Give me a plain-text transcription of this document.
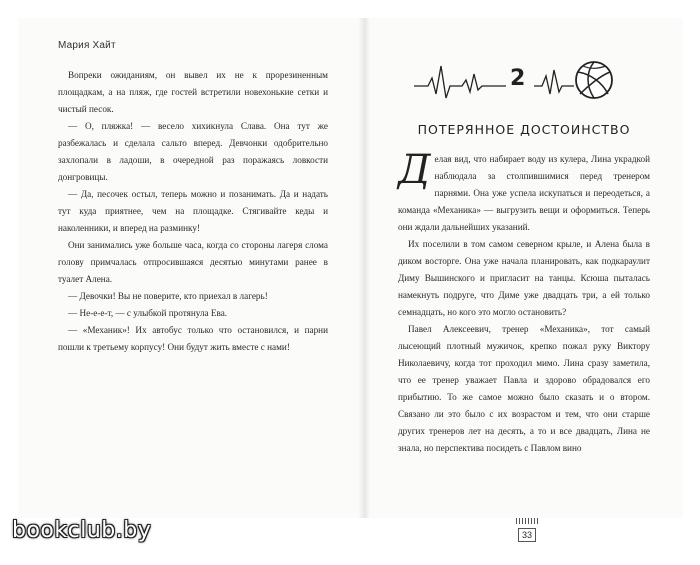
Мария Хайт

Вопреки ожиданиям, он вывел их не к прорезиненным площадкам, а на пляж, где гостей встретили новехонькие сетки и чистый песок.

— О, пляжка! — весело хихикнула Слава. Она тут же разбежалась и сделала сальто вперед. Девчонки одобрительно захлопали в ладоши, в очередной раз поражаясь ловкости донгровицы.

— Да, песочек остыл, теперь можно и позанимать. Да и надать тут куда приятнее, чем на площадке. Стягивайте кеды и наколенники, и вперед на разминку!

Они занимались уже больше часа, когда со стороны лагеря слома голову примчалась отпросившаяся десятью минутами ранее в туалет Алена.

— Девочки! Вы не поверите, кто приехал в лагерь!

— Не-е-е-т, — с улыбкой протянула Ева.

— «Механик»! Их автобус только что остановился, и парни пошли к третьему корпусу! Они будут жить вместе с нами!

2
ПОТЕРЯННОЕ ДОСТОИНСТВО

Делая вид, что набирает воду из кулера, Лина украдкой наблюдала за столпившимися перед тренером парнями. Она уже успела искупаться и переодеться, а команда «Механика» — выгрузить вещи и оформиться. Теперь они ждали дальнейших указаний.

Их поселили в том самом северном крыле, и Алена была в диком восторге. Она уже начала планировать, как подкараулит Диму Вышинского и пригласит на танцы. Ксюша пыталась намекнуть подруге, что Диме уже двадцать три, а ей только семнадцать, но кого это могло остановить?

Павел Алексеевич, тренер «Механика», тот самый лысеющий плотный мужичок, крепко пожал руку Виктору Николаевичу, когда тот проходил мимо. Лина сразу заметила, что ее тренер уважает Павла и здорово обрадовался его прибытию. То же самое можно было сказать и о втором. Связано ли это было с их возрастом и тем, что они старше других тренеров лет на десять, а то и все двадцать, Лина не знала, но перспектива посидеть с Павлом вино

33
bookclub.by
